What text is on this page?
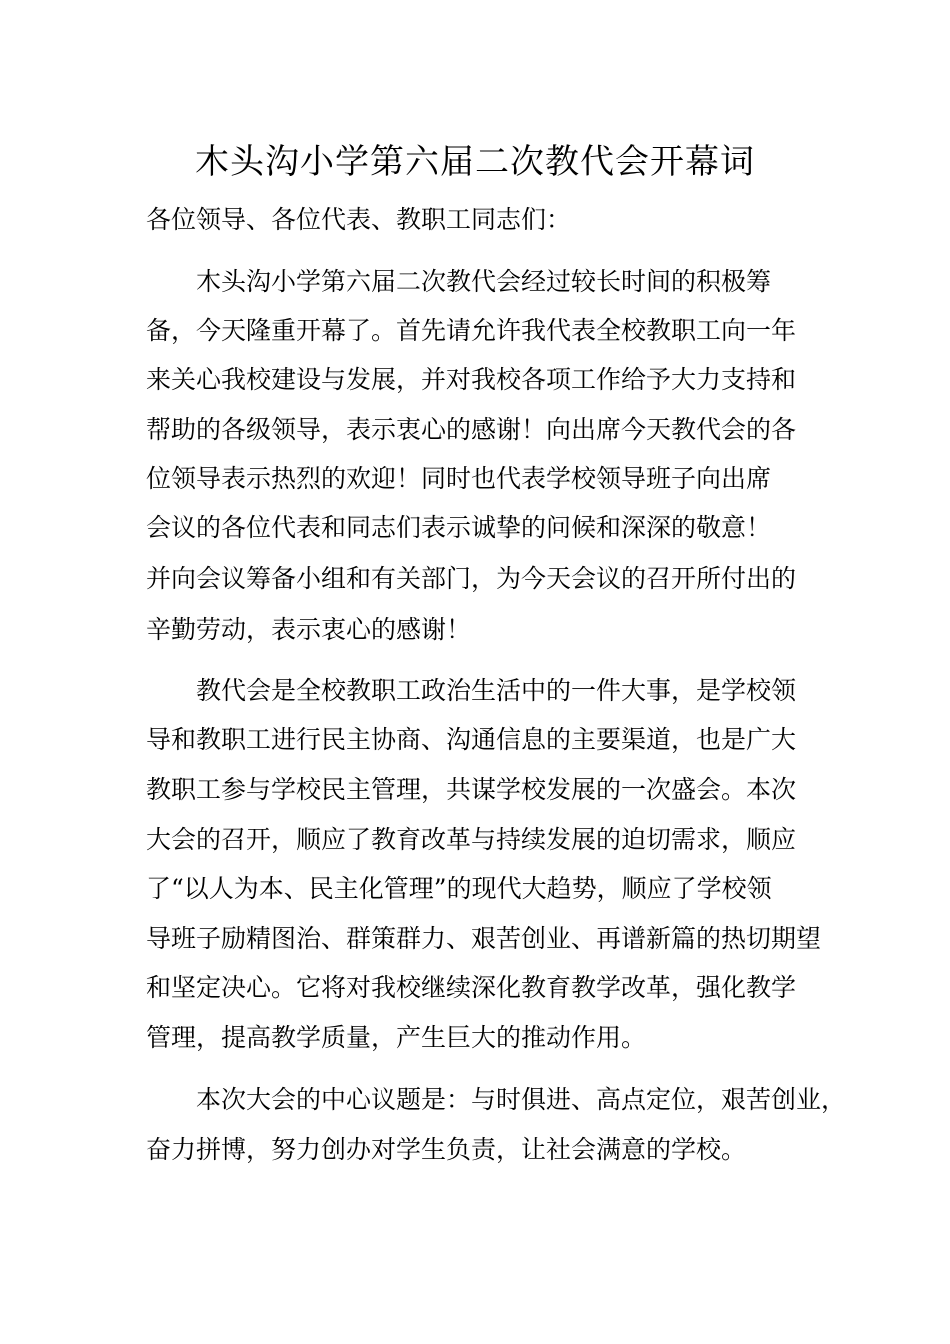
木头沟小学第六届二次教代会开幕词
各位领导、各位代表、教职工同志们：
木头沟小学第六届二次教代会经过较长时间的积极筹
备，今天隆重开幕了。首先请允许我代表全校教职工向一年
来关心我校建设与发展，并对我校各项工作给予大力支持和
帮助的各级领导，表示衷心的感谢！向出席今天教代会的各
位领导表示热烈的欢迎！同时也代表学校领导班子向出席
会议的各位代表和同志们表示诚挚的问候和深深的敬意！
并向会议筹备小组和有关部门，为今天会议的召开所付出的
辛勤劳动，表示衷心的感谢！
教代会是全校教职工政治生活中的一件大事，是学校领
导和教职工进行民主协商、沟通信息的主要渠道，也是广大
教职工参与学校民主管理，共谋学校发展的一次盛会。本次
大会的召开，顺应了教育改革与持续发展的迫切需求，顺应
了“以人为本、民主化管理”的现代大趋势，顺应了学校领
导班子励精图治、群策群力、艰苦创业、再谱新篇的热切期望
和坚定决心。它将对我校继续深化教育教学改革，强化教学
管理，提高教学质量，产生巨大的推动作用。
本次大会的中心议题是：与时俱进、高点定位，艰苦创业，
奋力拼博，努力创办对学生负责，让社会满意的学校。
